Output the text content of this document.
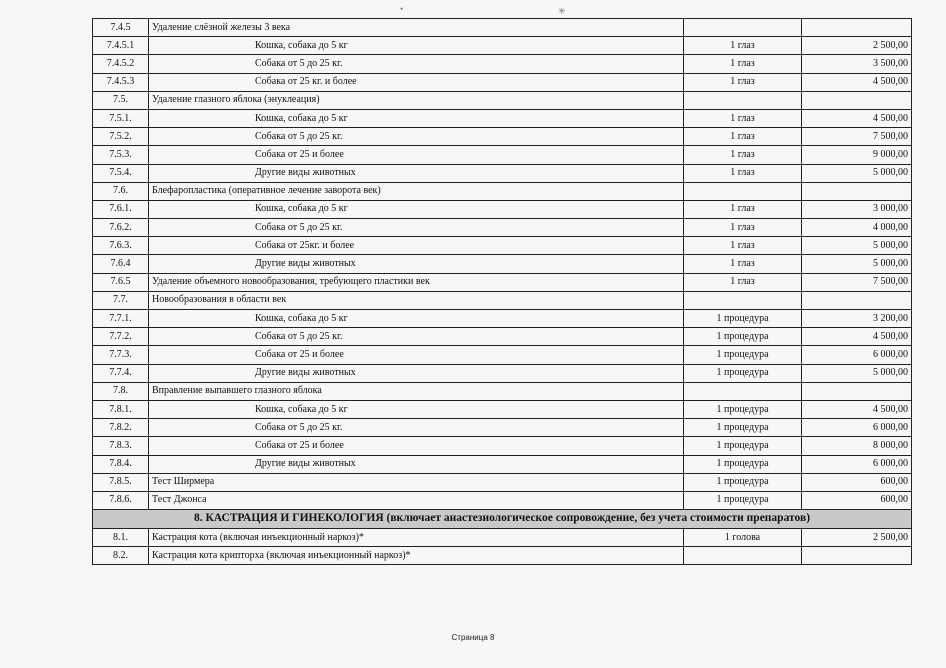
•	✳
7.4.5	Удаление слёзной железы 3 века		
7.4.5.1	Кошка, собака до 5 кг	1 глаз	2 500,00
7.4.5.2	Собака от 5 до 25 кг.	1 глаз	3 500,00
7.4.5.3	Собака от 25 кг. и более	1 глаз	4 500,00
7.5.	Удаление глазного яблока (энуклеация)		
7.5.1.	Кошка, собака до 5 кг	1 глаз	4 500,00
7.5.2.	Собака от 5 до 25 кг.	1 глаз	7 500,00
7.5.3.	Собака от 25 и более	1 глаз	9 000,00
7.5.4.	Другие виды животных	1 глаз	5 000,00
7.6.	Блефаропластика (оперативное лечение заворота век)		
7.6.1.	Кошка, собака до 5 кг	1 глаз	3 000,00
7.6.2.	Собака от 5 до 25 кг.	1 глаз	4 000,00
7.6.3.	Собака от 25кг. и более	1 глаз	5 000,00
7.6.4	Другие виды животных	1 глаз	5 000,00
7.6.5	Удаление объемного новообразования, требующего пластики век	1 глаз	7 500,00
7.7.	Новообразования в области век		
7.7.1.	Кошка, собака до 5 кг	1 процедура	3 200,00
7.7.2.	Собака от 5 до 25 кг.	1 процедура	4 500,00
7.7.3.	Собака от 25 и более	1 процедура	6 000,00
7.7.4.	Другие виды животных	1 процедура	5 000,00
7.8.	Вправление выпавшего глазного яблока		
7.8.1.	Кошка, собака до 5 кг	1 процедура	4 500,00
7.8.2.	Собака от 5 до 25 кг.	1 процедура	6 000,00
7.8.3.	Собака от 25 и более	1 процедура	8 000,00
7.8.4.	Другие виды животных	1 процедура	6 000,00
7.8.5.	Тест Ширмера	1 процедура	600,00
7.8.6.	Тест Джонса	1 процедура	600,00
8. КАСТРАЦИЯ И ГИНЕКОЛОГИЯ (включает анастезиологическое сопровождение, без учета стоимости препаратов)			
8.1.	Кастрация кота (включая инъекционный наркоз)*	1 голова	2 500,00
8.2.	Кастрация кота крипторха (включая инъекционный наркоз)*		
Страница 8
